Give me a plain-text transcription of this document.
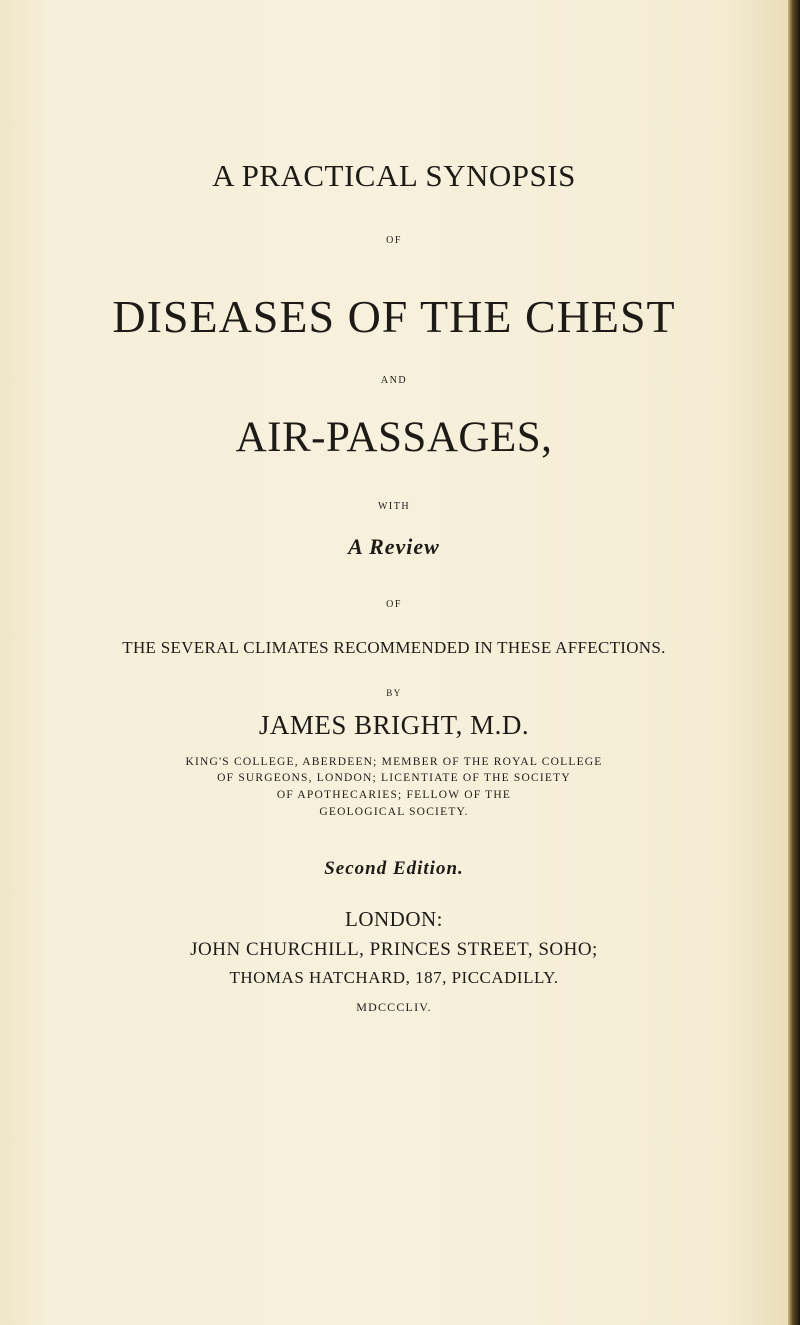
A PRACTICAL SYNOPSIS
OF
DISEASES OF THE CHEST
AND
AIR-PASSAGES,
WITH
A Review
OF
THE SEVERAL CLIMATES RECOMMENDED IN THESE AFFECTIONS.
BY
JAMES BRIGHT, M.D.
KING'S COLLEGE, ABERDEEN; MEMBER OF THE ROYAL COLLEGE
OF SURGEONS, LONDON; LICENTIATE OF THE SOCIETY
OF APOTHECARIES; FELLOW OF THE
GEOLOGICAL SOCIETY.
Second Edition.
LONDON:
JOHN CHURCHILL, PRINCES STREET, SOHO;
THOMAS HATCHARD, 187, PICCADILLY.
MDCCCLIV.
